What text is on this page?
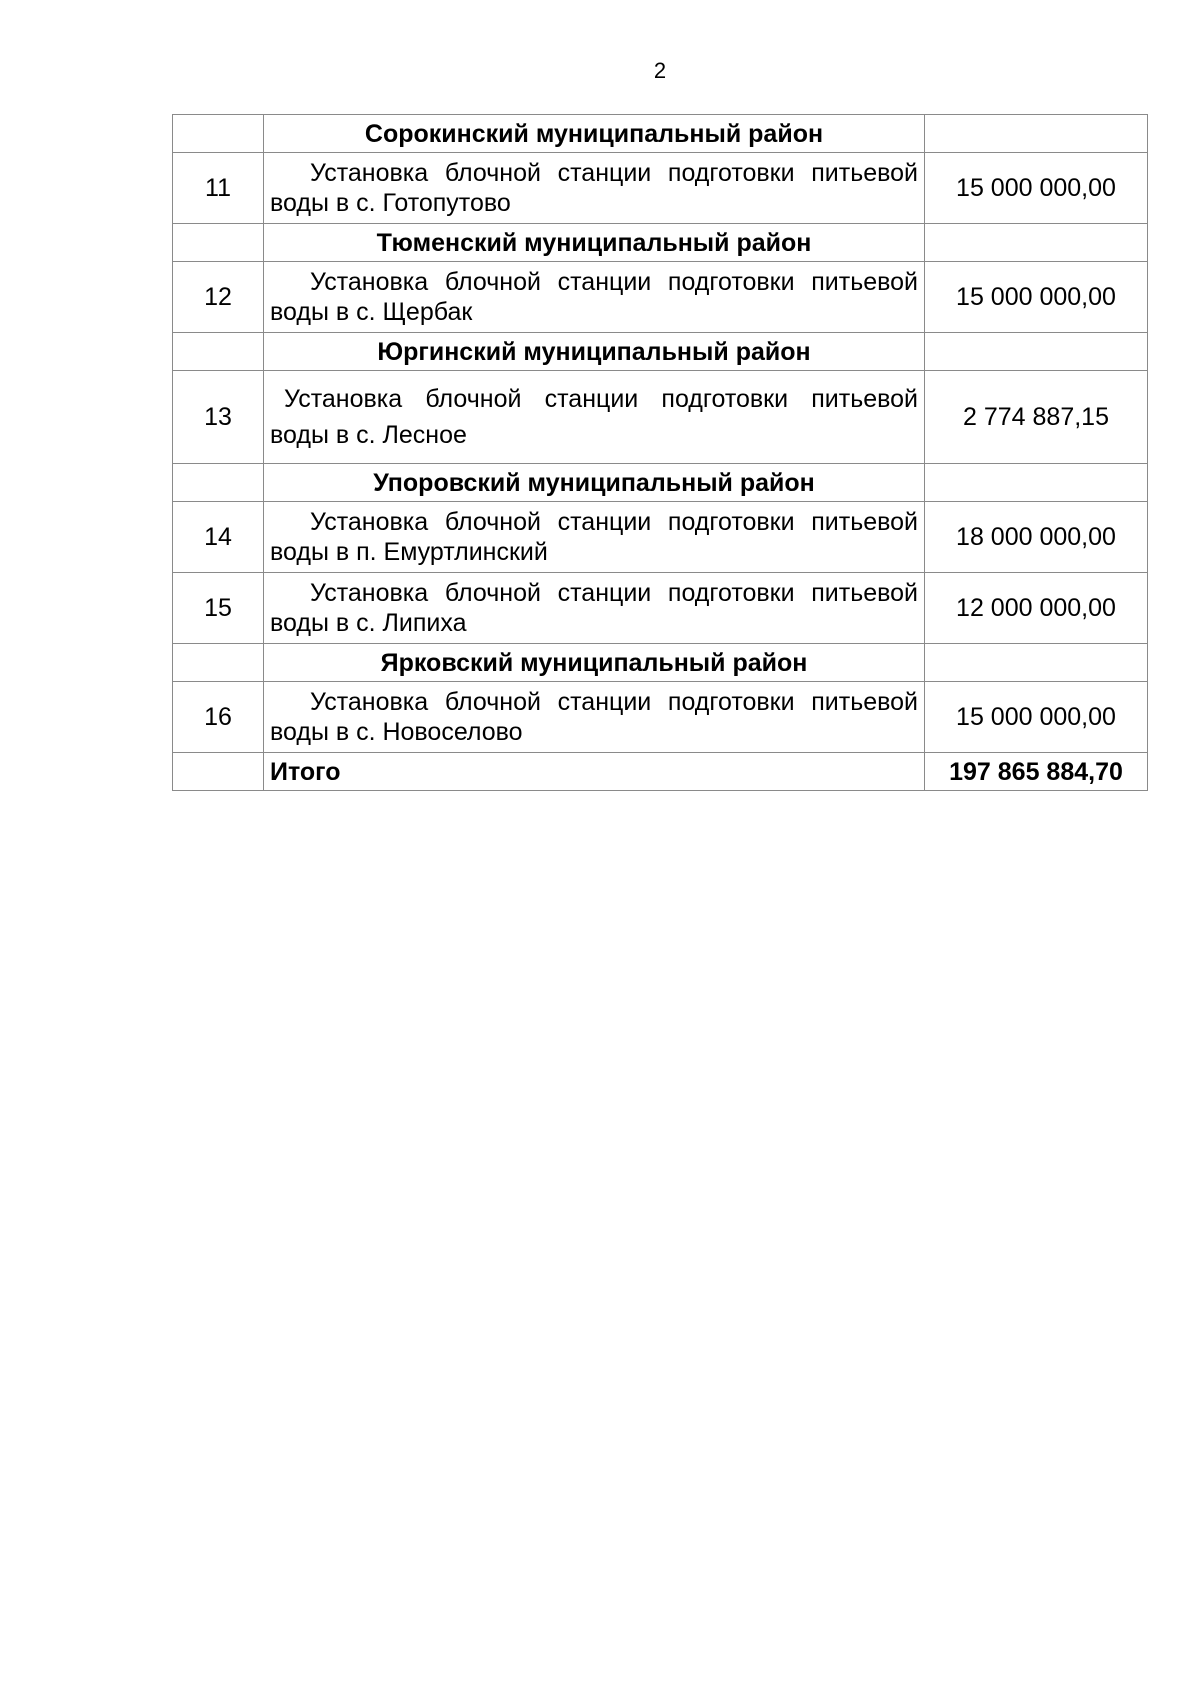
2
	Сорокинский муниципальный район	
11	Установка блочной станции подготовки питьевой воды в с. Готопутово	15 000 000,00
	Тюменский муниципальный район	
12	Установка блочной станции подготовки питьевой воды в с. Щербак	15 000 000,00
	Юргинский муниципальный район	
13	Установка блочной станции подготовки питьевой воды в с. Лесное	2 774 887,15
	Упоровский муниципальный район	
14	Установка блочной станции подготовки питьевой воды в п. Емуртлинский	18 000 000,00
15	Установка блочной станции подготовки питьевой воды в с. Липиха	12 000 000,00
	Ярковский муниципальный район	
16	Установка блочной станции подготовки питьевой воды в с. Новоселово	15 000 000,00
	Итого	197 865 884,70
